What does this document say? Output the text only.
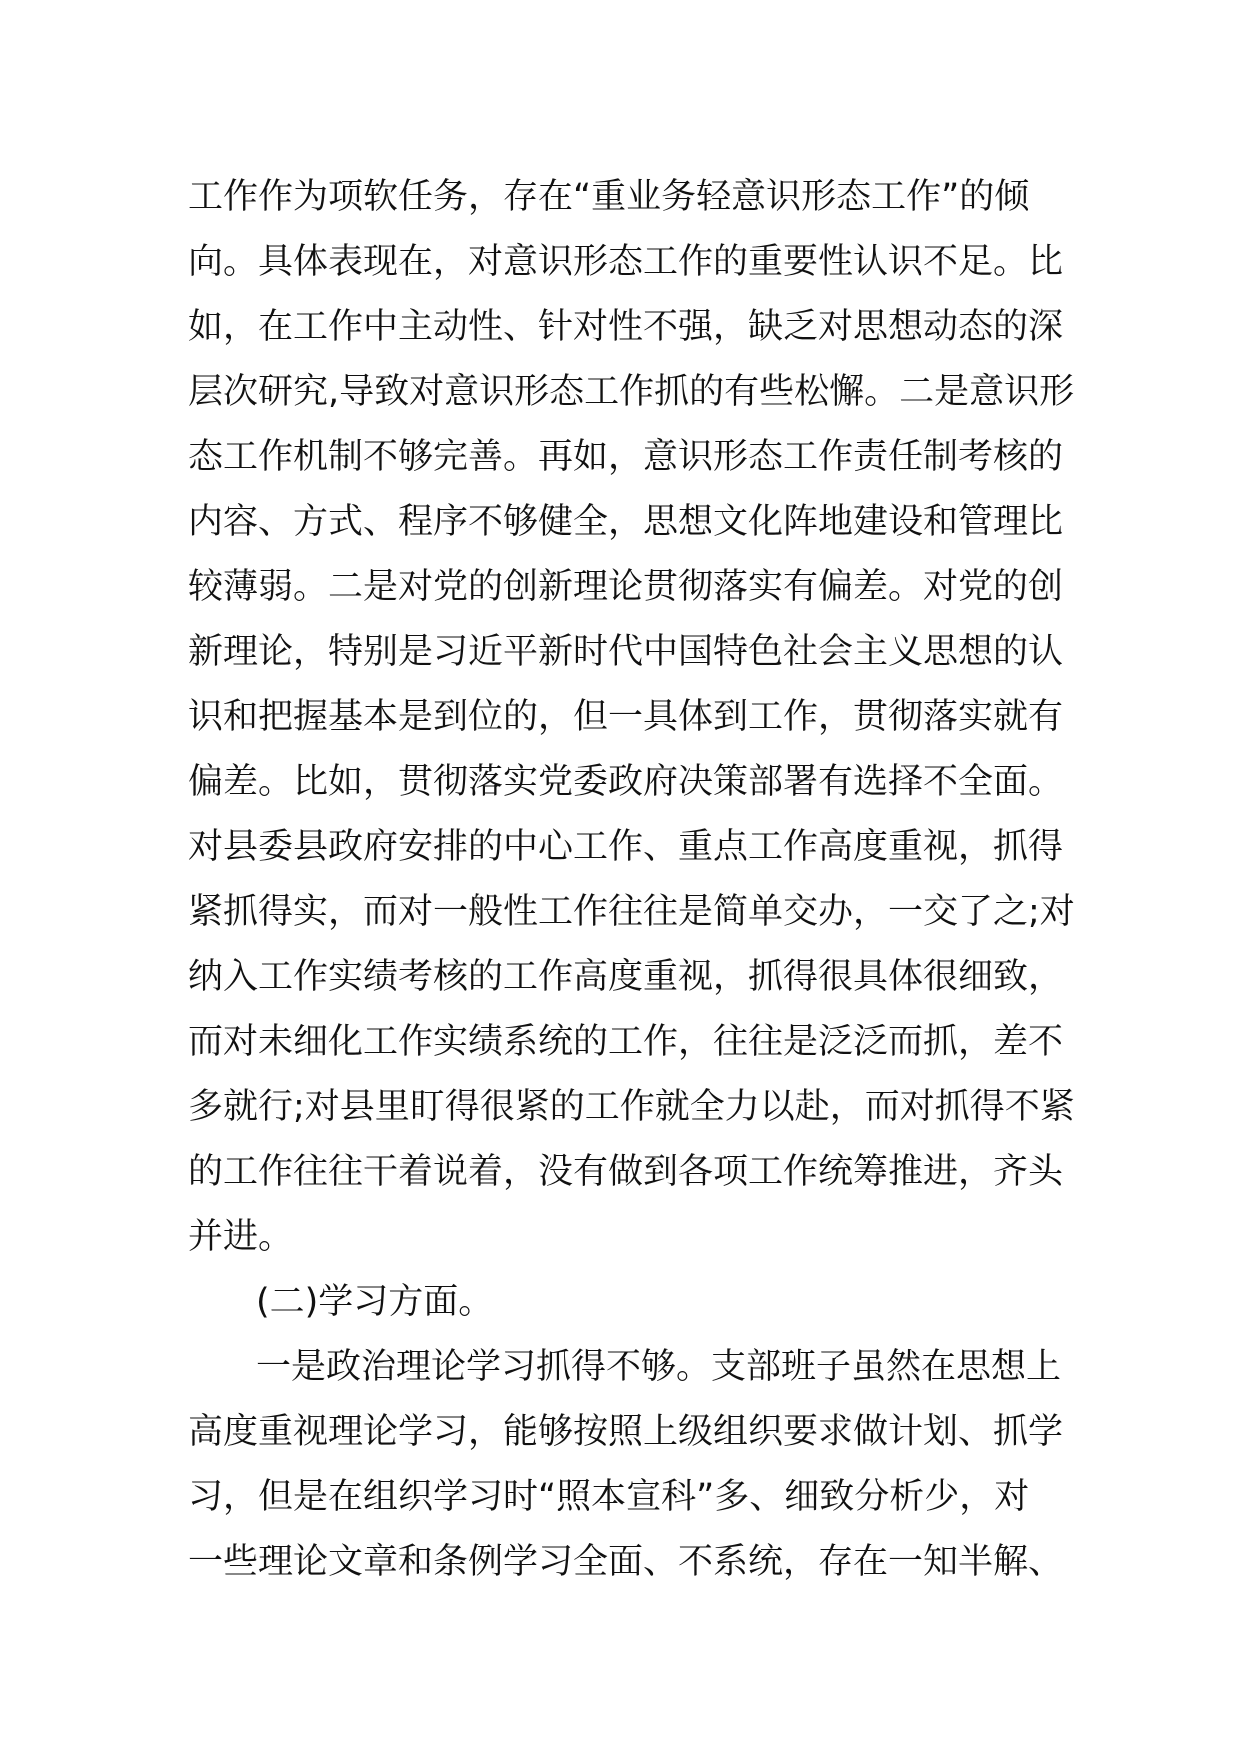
工作作为项软任务，存在“重业务轻意识形态工作”的倾
向。具体表现在，对意识形态工作的重要性认识不足。比
如，在工作中主动性、针对性不强，缺乏对思想动态的深
层次研究,导致对意识形态工作抓的有些松懈。二是意识形
态工作机制不够完善。再如，意识形态工作责任制考核的
内容、方式、程序不够健全，思想文化阵地建设和管理比
较薄弱。二是对党的创新理论贯彻落实有偏差。对党的创
新理论，特别是习近平新时代中国特色社会主义思想的认
识和把握基本是到位的，但一具体到工作，贯彻落实就有
偏差。比如，贯彻落实党委政府决策部署有选择不全面。
对县委县政府安排的中心工作、重点工作高度重视，抓得
紧抓得实，而对一般性工作往往是简单交办，一交了之;对
纳入工作实绩考核的工作高度重视，抓得很具体很细致，
而对未细化工作实绩系统的工作，往往是泛泛而抓，差不
多就行;对县里盯得很紧的工作就全力以赴，而对抓得不紧
的工作往往干着说着，没有做到各项工作统筹推进，齐头
并进。
(二)学习方面。
一是政治理论学习抓得不够。支部班子虽然在思想上
高度重视理论学习，能够按照上级组织要求做计划、抓学
习，但是在组织学习时“照本宣科”多、细致分析少，对
一些理论文章和条例学习全面、不系统，存在一知半解、
